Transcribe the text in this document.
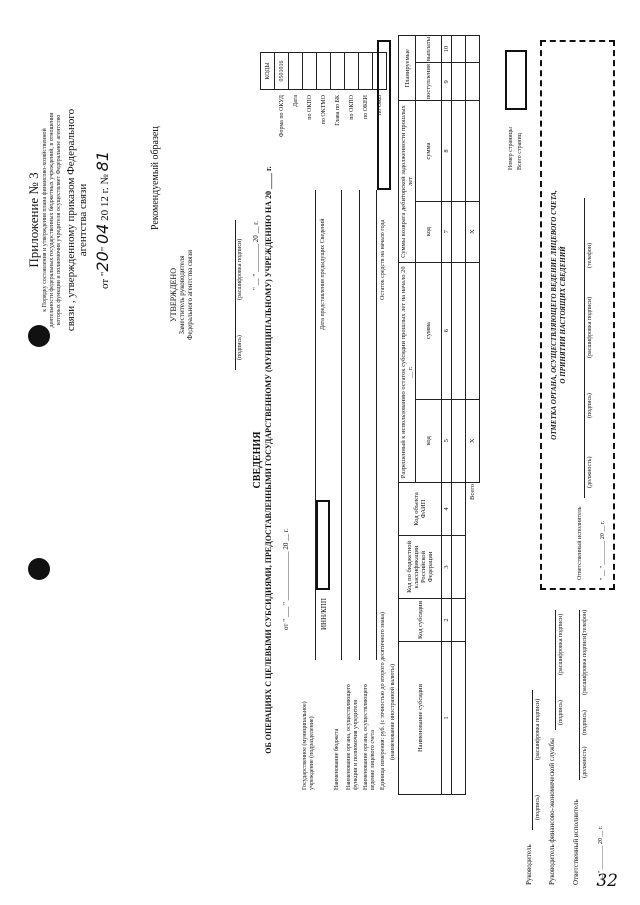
32
Приложение № 3 к Порядку составления и утверждения плана финансово-хозяйственной деятельности федеральных государственных бюджетных учреждений, в отношении которых функции и полномочия учредителя осуществляет Федеральное агентство связи , утвержденному приказом Федерального агентства связи
от "20" 04 20 12 г. № 81	Рекомендуемый образец
УТВЕРЖДЕНО Заместитель руководителя Федерального агентства связи
(подпись)
(расшифровка подписи) " __ " ________ 20 __ г.
КОДЫ
0501016

Форма по ОКУД	Дата	по ОКПО	по ОКТМО	Глава по БК	по ОКПО	по ОКЕИ	по ОКВ
СВЕДЕНИЯ ОБ ОПЕРАЦИЯХ С ЦЕЛЕВЫМИ СУБСИДИЯМИ, ПРЕДОСТАВЛЕННЫМИ ГОСУДАРСТВЕННОМУ (МУНИЦИПАЛЬНОМУ) УЧРЕЖДЕНИЮ НА 20 ____ г. от " ___ " ______________ 20 __ г.
Государственное (муниципальное) учреждение (подразделение)
ИНН/КПП
Дата представления предыдущих Сведений
Наименование бюджета Наименование органа, осуществляющего функции и полномочия учредителя Наименование органа, осуществляющего ведение лицевого счета Единица измерения: руб. (с точностью до второго десятичного знака) (наименование иностранной валюты)
Остаток средств на начало года
Наименование субсидии	Код субсидии	Код по бюджетной классификации Российской Федерации	Код объекта ФАИП	Разрешенный к использованию остаток субсидии прошлых лет на начало 20 __ г.		Суммы возврата дебиторской задолженности прошлых лет		Планируемые	
				код	сумма	код	сумма	поступления	выплаты
1	2	3	4	5	6	7	8	9	10

			Всего	Х		Х			
Номер страницы Всего страниц
Руководитель
(подпись)
(расшифровка подписи)
Руководитель финансово-экономической службы
(подпись)
(расшифровка подписи)
Ответственный исполнитель
(должность)
(подпись)
(расшифровка подписи)
(телефон)
" __ " ________ 20 __ г.
ОТМЕТКА ОРГАНА, ОСУЩЕСТВЛЯЮЩЕГО ВЕДЕНИЕ ЛИЦЕВОГО СЧЕТА, О ПРИНЯТИИ НАСТОЯЩИХ СВЕДЕНИЙ
Ответственный исполнитель
(должность)
(подпись)
(расшифровка подписи)
(телефон)
" __ " ________ 20 __ г.
